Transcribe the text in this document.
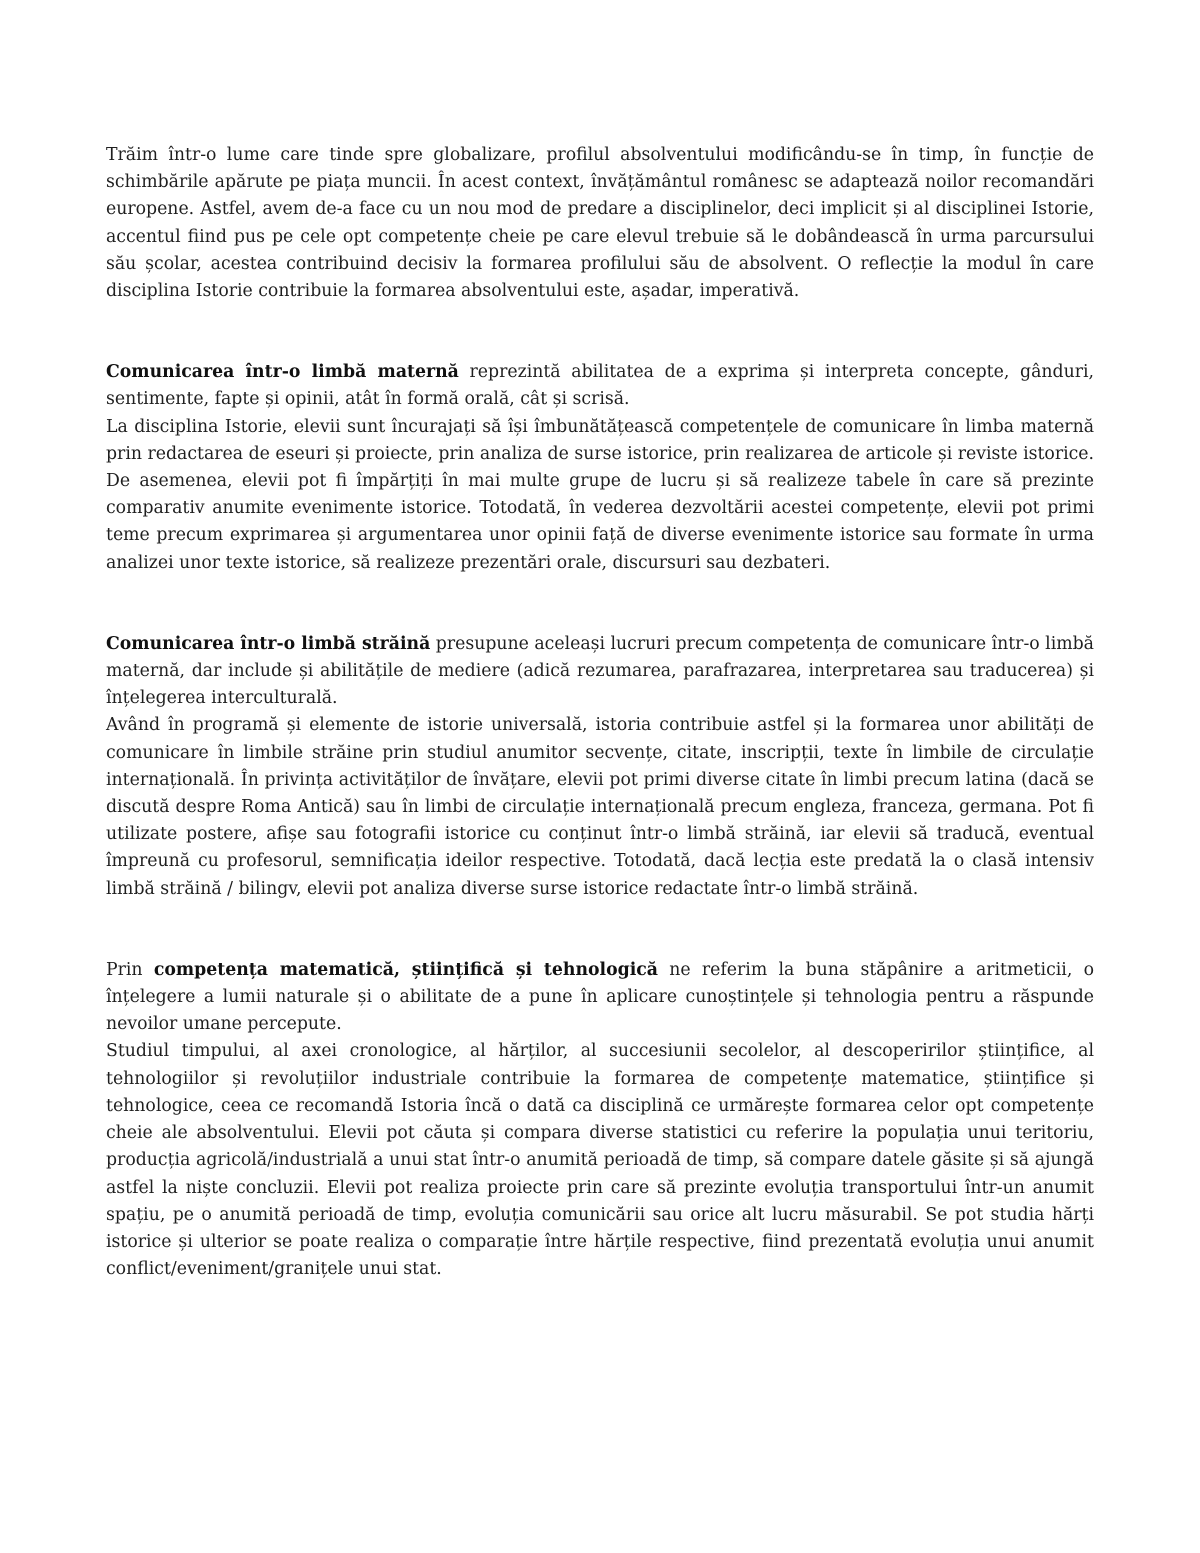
Trăim într-o lume care tinde spre globalizare, profilul absolventului modificându-se în timp, în funcție de schimbările apărute pe piața muncii. În acest context, învățământul românesc se adaptează noilor recomandări europene. Astfel, avem de-a face cu un nou mod de predare a disciplinelor, deci implicit și al disciplinei Istorie, accentul fiind pus pe cele opt competențe cheie pe care elevul trebuie să le dobândească în urma parcursului său școlar, acestea contribuind decisiv la formarea profilului său de absolvent. O reflecție la modul în care disciplina Istorie contribuie la formarea absolventului este, așadar, imperativă.

Comunicarea într-o limbă maternă reprezintă abilitatea de a exprima și interpreta concepte, gânduri, sentimente, fapte și opinii, atât în formă orală, cât și scrisă.

La disciplina Istorie, elevii sunt încurajați să își îmbunătățească competențele de comunicare în limba maternă prin redactarea de eseuri și proiecte, prin analiza de surse istorice, prin realizarea de articole și reviste istorice. De asemenea, elevii pot fi împărțiți în mai multe grupe de lucru și să realizeze tabele în care să prezinte comparativ anumite evenimente istorice. Totodată, în vederea dezvoltării acestei competențe, elevii pot primi teme precum exprimarea și argumentarea unor opinii față de diverse evenimente istorice sau formate în urma analizei unor texte istorice, să realizeze prezentări orale, discursuri sau dezbateri.

Comunicarea într-o limbă străină presupune aceleași lucruri precum competența de comunicare într-o limbă maternă, dar include și abilitățile de mediere (adică rezumarea, parafrazarea, interpretarea sau traducerea) și înțelegerea interculturală.

Având în programă și elemente de istorie universală, istoria contribuie astfel și la formarea unor abilități de comunicare în limbile străine prin studiul anumitor secvențe, citate, inscripții, texte în limbile de circulație internațională. În privința activităților de învățare, elevii pot primi diverse citate în limbi precum latina (dacă se discută despre Roma Antică) sau în limbi de circulație internațională precum engleza, franceza, germana. Pot fi utilizate postere, afișe sau fotografii istorice cu conținut într-o limbă străină, iar elevii să traducă, eventual împreună cu profesorul, semnificația ideilor respective. Totodată, dacă lecția este predată la o clasă intensiv limbă străină / bilingv, elevii pot analiza diverse surse istorice redactate într-o limbă străină.

Prin competența matematică, științifică și tehnologică ne referim la buna stăpânire a aritmeticii, o înțelegere a lumii naturale și o abilitate de a pune în aplicare cunoștințele și tehnologia pentru a răspunde nevoilor umane percepute.

Studiul timpului, al axei cronologice, al hărților, al succesiunii secolelor, al descoperirilor științifice, al tehnologiilor și revoluțiilor industriale contribuie la formarea de competențe matematice, științifice și tehnologice, ceea ce recomandă Istoria încă o dată ca disciplină ce urmărește formarea celor opt competențe cheie ale absolventului. Elevii pot căuta și compara diverse statistici cu referire la populația unui teritoriu, producția agricolă/industrială a unui stat într-o anumită perioadă de timp, să compare datele găsite și să ajungă astfel la niște concluzii. Elevii pot realiza proiecte prin care să prezinte evoluția transportului într-un anumit spațiu, pe o anumită perioadă de timp, evoluția comunicării sau orice alt lucru măsurabil. Se pot studia hărți istorice și ulterior se poate realiza o comparație între hărțile respective, fiind prezentată evoluția unui anumit conflict/eveniment/granițele unui stat.
